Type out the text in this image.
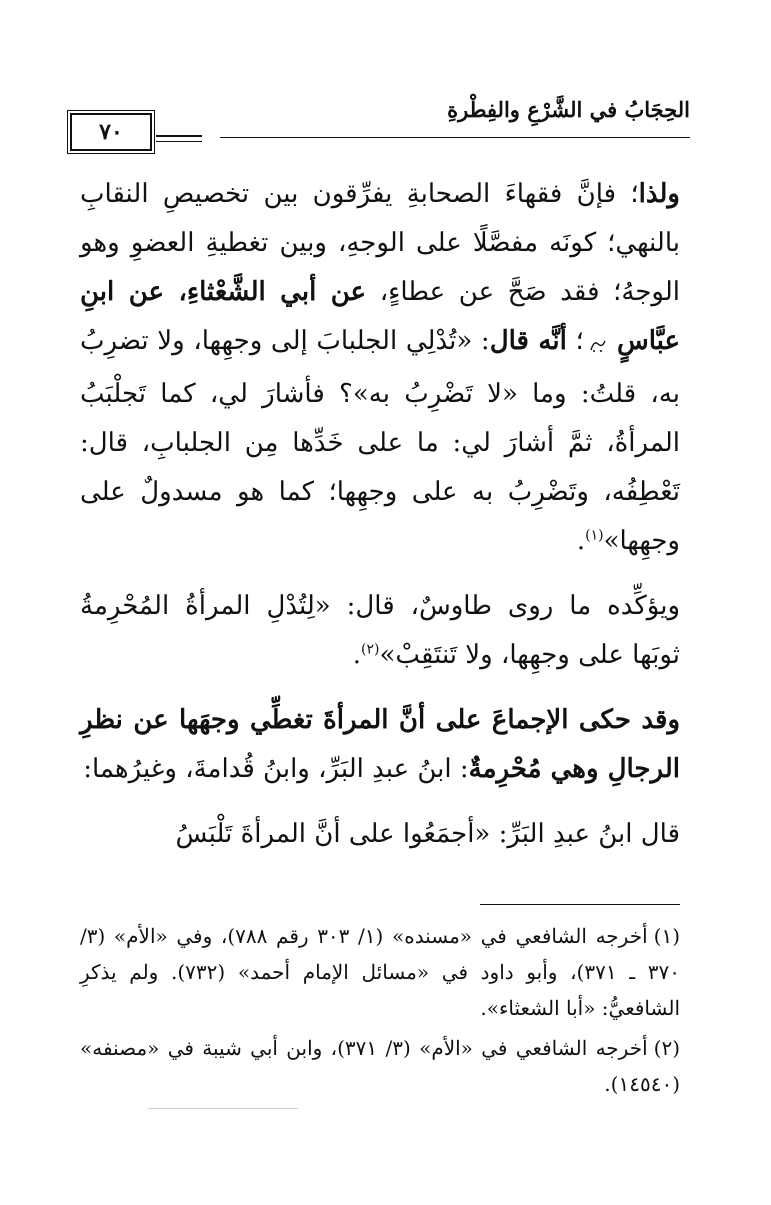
الحِجَابُ في الشَّرْعِ والفِطْرةِ
٧٠

ولذا؛ فإنَّ فقهاءَ الصحابةِ يفرِّقون بين تخصيصِ النقابِ بالنهي؛ كونَه مفصَّلًا على الوجهِ، وبين تغطيةِ العضوِ وهو الوجهُ؛ فقد صَحَّ عن عطاءٍ، عن أبي الشَّعْثاءِ، عن ابنِ عبَّاسٍ  ؛ أنَّه قال: «تُدْلِي الجلبابَ إلى وجهِها، ولا تضرِبُ به، قلتُ: وما «لا تَضْرِبُ به»؟ فأشارَ لي، كما تَجلْبَبُ المرأةُ، ثمَّ أشارَ لي: ما على خَدِّها مِن الجلبابِ، قال: تَعْطِفُه، وتَضْرِبُ به على وجهِها؛ كما هو مسدولٌ على وجهِها»$^{(١)}$.

ويؤكِّده ما روى طاوسٌ، قال: «لِتُدْلِ المرأةُ المُحْرِمةُ ثوبَها على وجهِها، ولا تَنتَقِبْ»$^{(٢)}$.

وقد حكى الإجماعَ على أنَّ المرأةَ تغطِّي وجهَها عن نظرِ الرجالِ وهي مُحْرِمةٌ: ابنُ عبدِ البَرِّ، وابنُ قُدامةَ، وغيرُهما:

قال ابنُ عبدِ البَرِّ: «أجمَعُوا على أنَّ المرأةَ تَلْبَسُ

(١)أخرجه الشافعي في «مسنده» (١/ ٣٠٣ رقم ٧٨٨)، وفي «الأم» (٣/ ٣٧٠ ـ ٣٧١)، وأبو داود في «مسائل الإمام أحمد» (٧٣٢). ولم يذكرِ الشافعيُّ: «أبا الشعثاء».

(٢)أخرجه الشافعي في «الأم» (٣/ ٣٧١)، وابن أبي شيبة في «مصنفه» (١٤٥٤٠).
